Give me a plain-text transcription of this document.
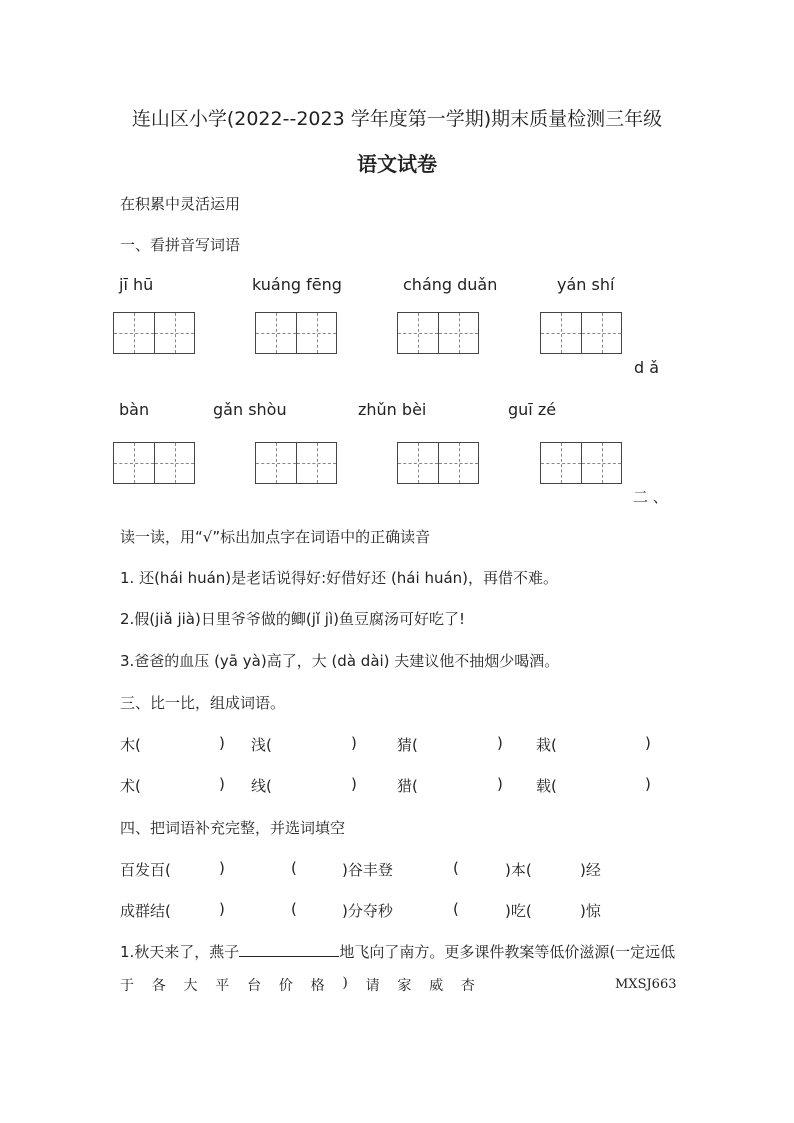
连山区小学(2022--2023 学年度第一学期)期末质量检测三年级
语文试卷
在积累中灵活运用
一、看拼音写词语
jī hū	kuáng fēng	cháng duǎn	yán shí
d ǎ
bàn	gǎn shòu	zhǔn bèi	guī zé
二 、
读一读，用“√”标出加点字在词语中的正确读音
1. 还(hái huán)是老话说得好:好借好还 (hái huán)，再借不难。
2.假(jiǎ jià)日里爷爷做的鲫(jǐ jì)鱼豆腐汤可好吃了!
3.爸爸的血压 (yā yà)高了，大 (dà dài) 夫建议他不抽烟少喝酒。
三、比一比，组成词语。
木(	) 浅(	)	猜(	) 栽(	)
术(	) 线(	)	猎(	) 载(	)
四、把词语补充完整，并选词填空
百发百(	)	(	)谷丰登	(	)本(	)经
成群结(	)	(	)分夺秒	(	)吃(	)惊
1.秋天来了，燕子	地飞向了南方。更多课件教案等低价滋源(一定远低
于 各 大 平 台 价 格 ) 请 家 威 杏	MXSJ663
